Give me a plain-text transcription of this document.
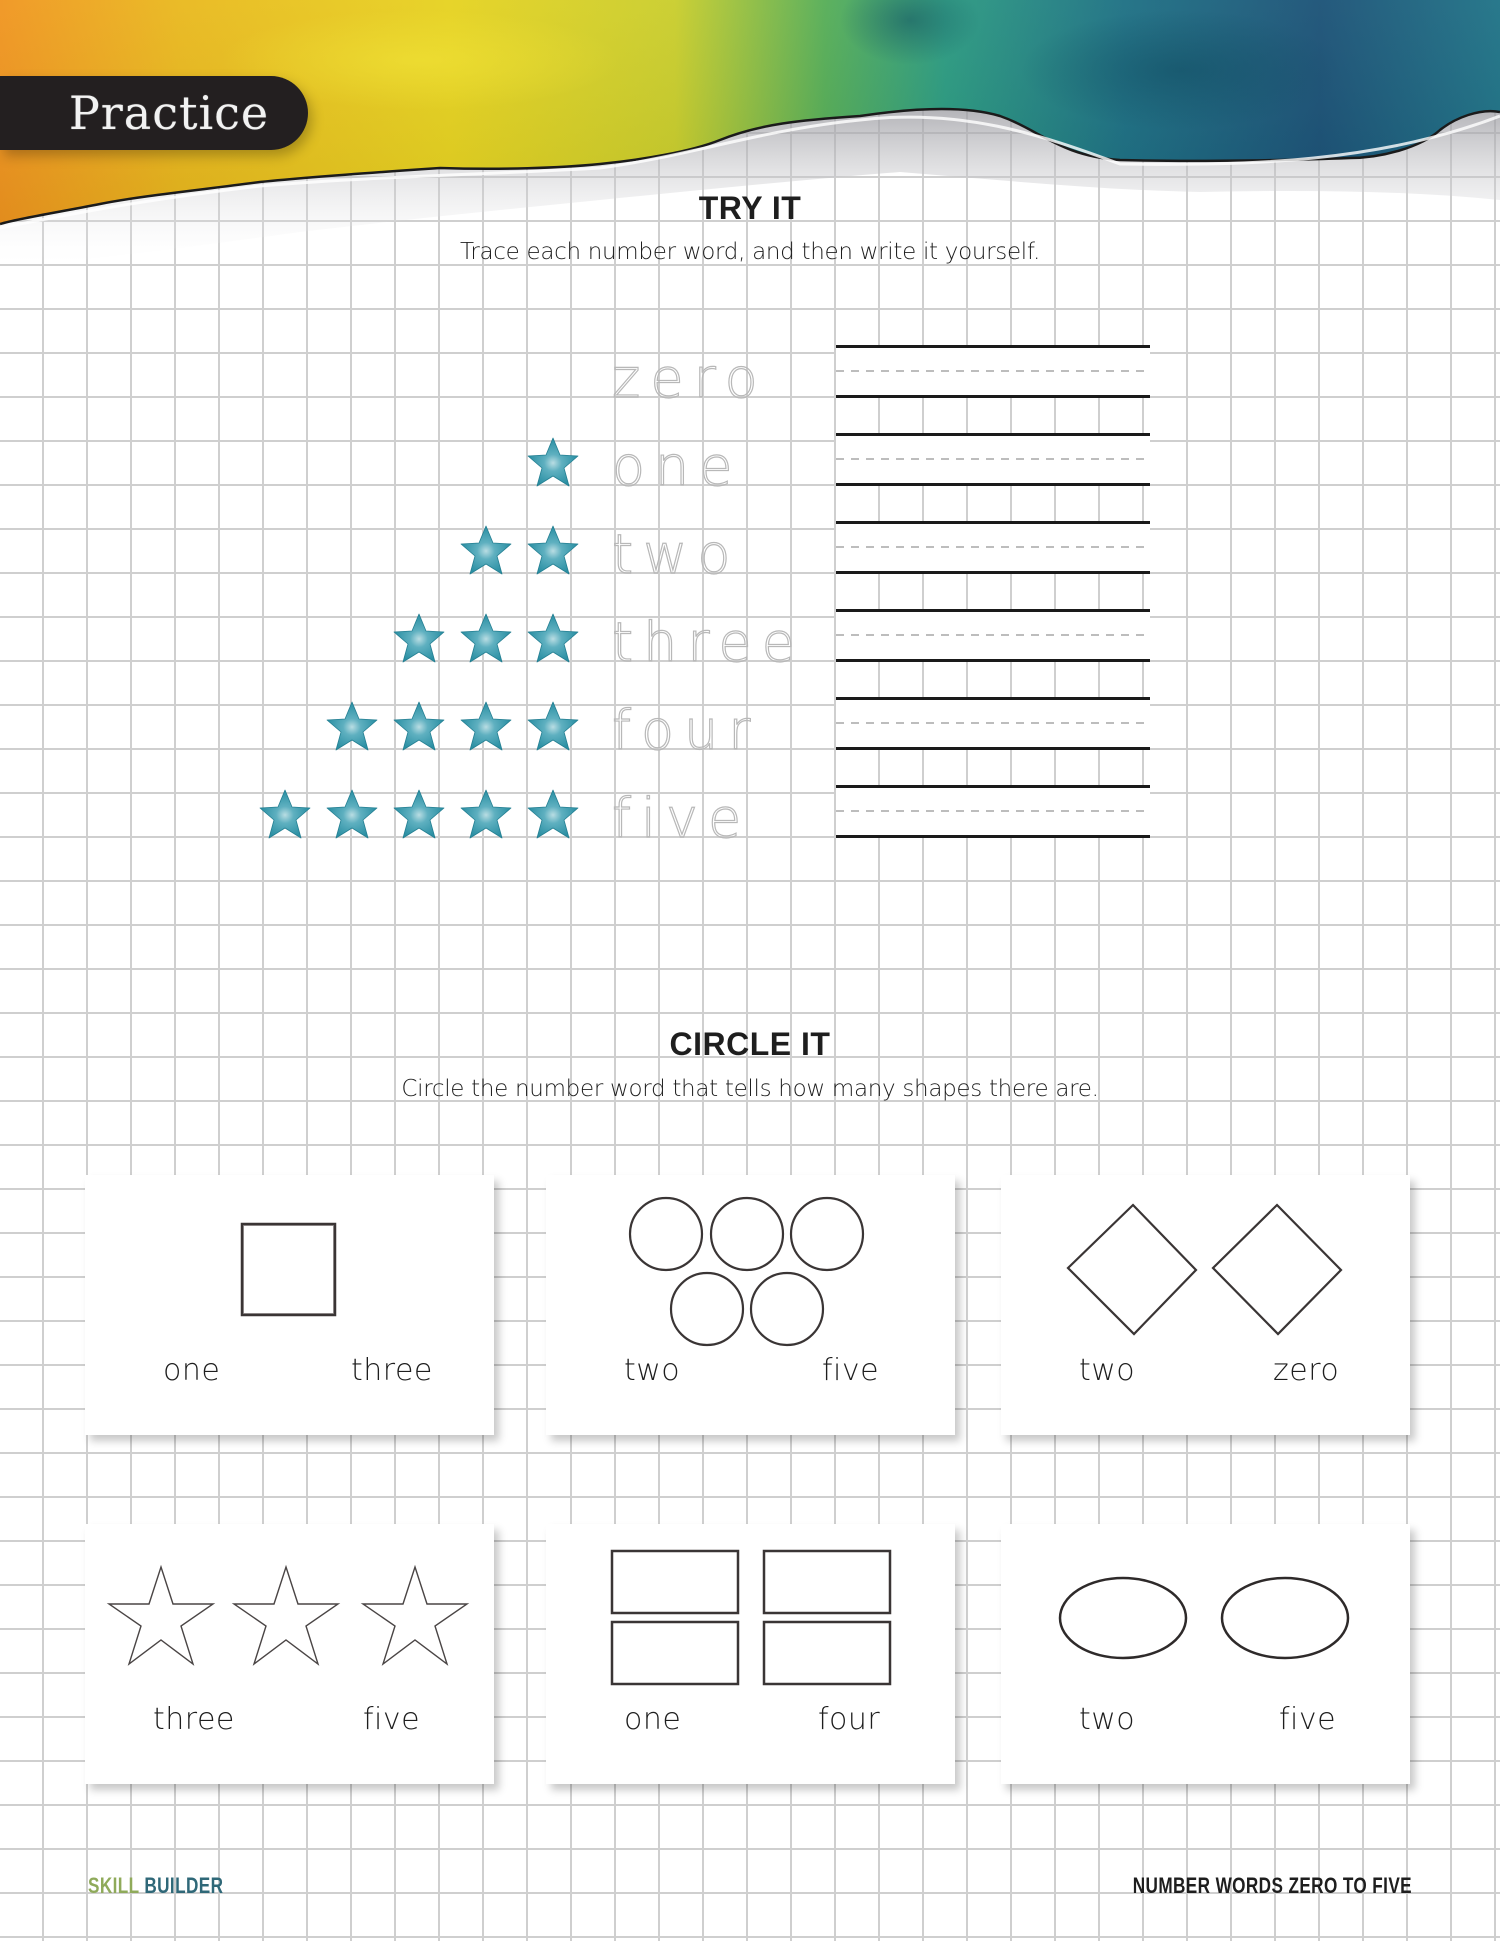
Practice
TRY IT
Trace each number word, and then write it yourself.
zero
one
two
three
four
five
CIRCLE IT
Circle the number word that tells how many shapes there are.
one	three	two	five	two	zero
three	five	one	four	two	five
SKILL BUILDER	NUMBER WORDS ZERO TO FIVE
